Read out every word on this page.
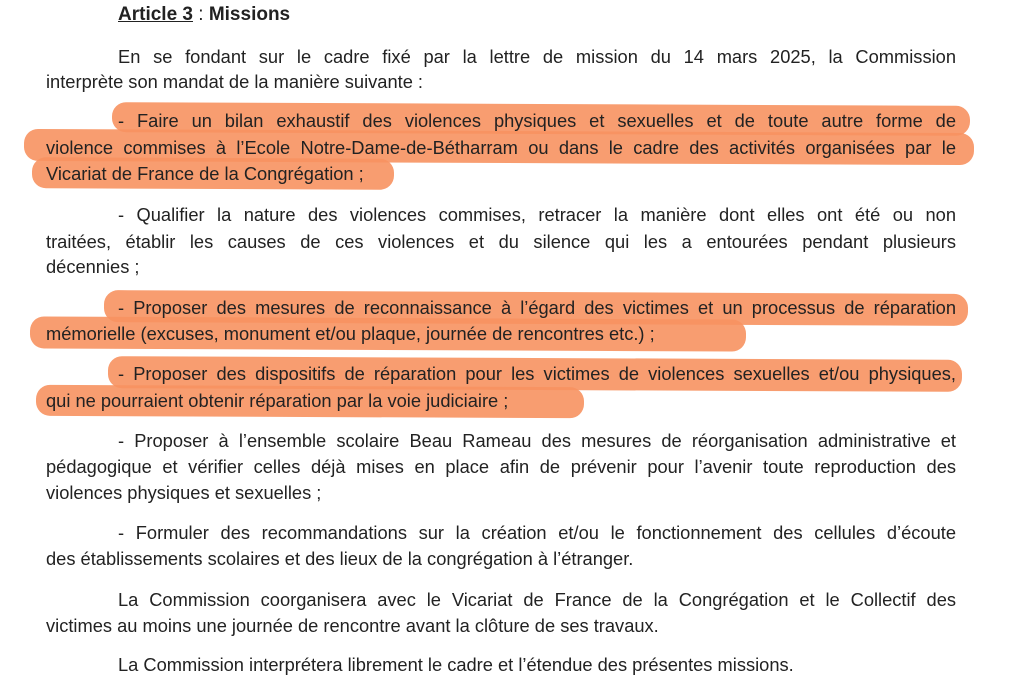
Article 3 : Missions
En se fondant sur le cadre fixé par la lettre de mission du 14 mars 2025, la Commission
interprète son mandat de la manière suivante :
- Faire un bilan exhaustif des violences physiques et sexuelles et de toute autre forme de
violence commises à l’Ecole Notre-Dame-de-Bétharram ou dans le cadre des activités organisées par le
Vicariat de France de la Congrégation ;
- Qualifier la nature des violences commises, retracer la manière dont elles ont été ou non
traitées, établir les causes de ces violences et du silence qui les a entourées pendant plusieurs
décennies ;
- Proposer des mesures de reconnaissance à l’égard des victimes et un processus de réparation
mémorielle (excuses, monument et/ou plaque, journée de rencontres etc.) ;
- Proposer des dispositifs de réparation pour les victimes de violences sexuelles et/ou physiques,
qui ne pourraient obtenir réparation par la voie judiciaire ;
- Proposer à l’ensemble scolaire Beau Rameau des mesures de réorganisation administrative et
pédagogique et vérifier celles déjà mises en place afin de prévenir pour l’avenir toute reproduction des
violences physiques et sexuelles ;
- Formuler des recommandations sur la création et/ou le fonctionnement des cellules d’écoute
des établissements scolaires et des lieux de la congrégation à l’étranger.
La Commission coorganisera avec le Vicariat de France de la Congrégation et le Collectif des
victimes au moins une journée de rencontre avant la clôture de ses travaux.
La Commission interprétera librement le cadre et l’étendue des présentes missions.
